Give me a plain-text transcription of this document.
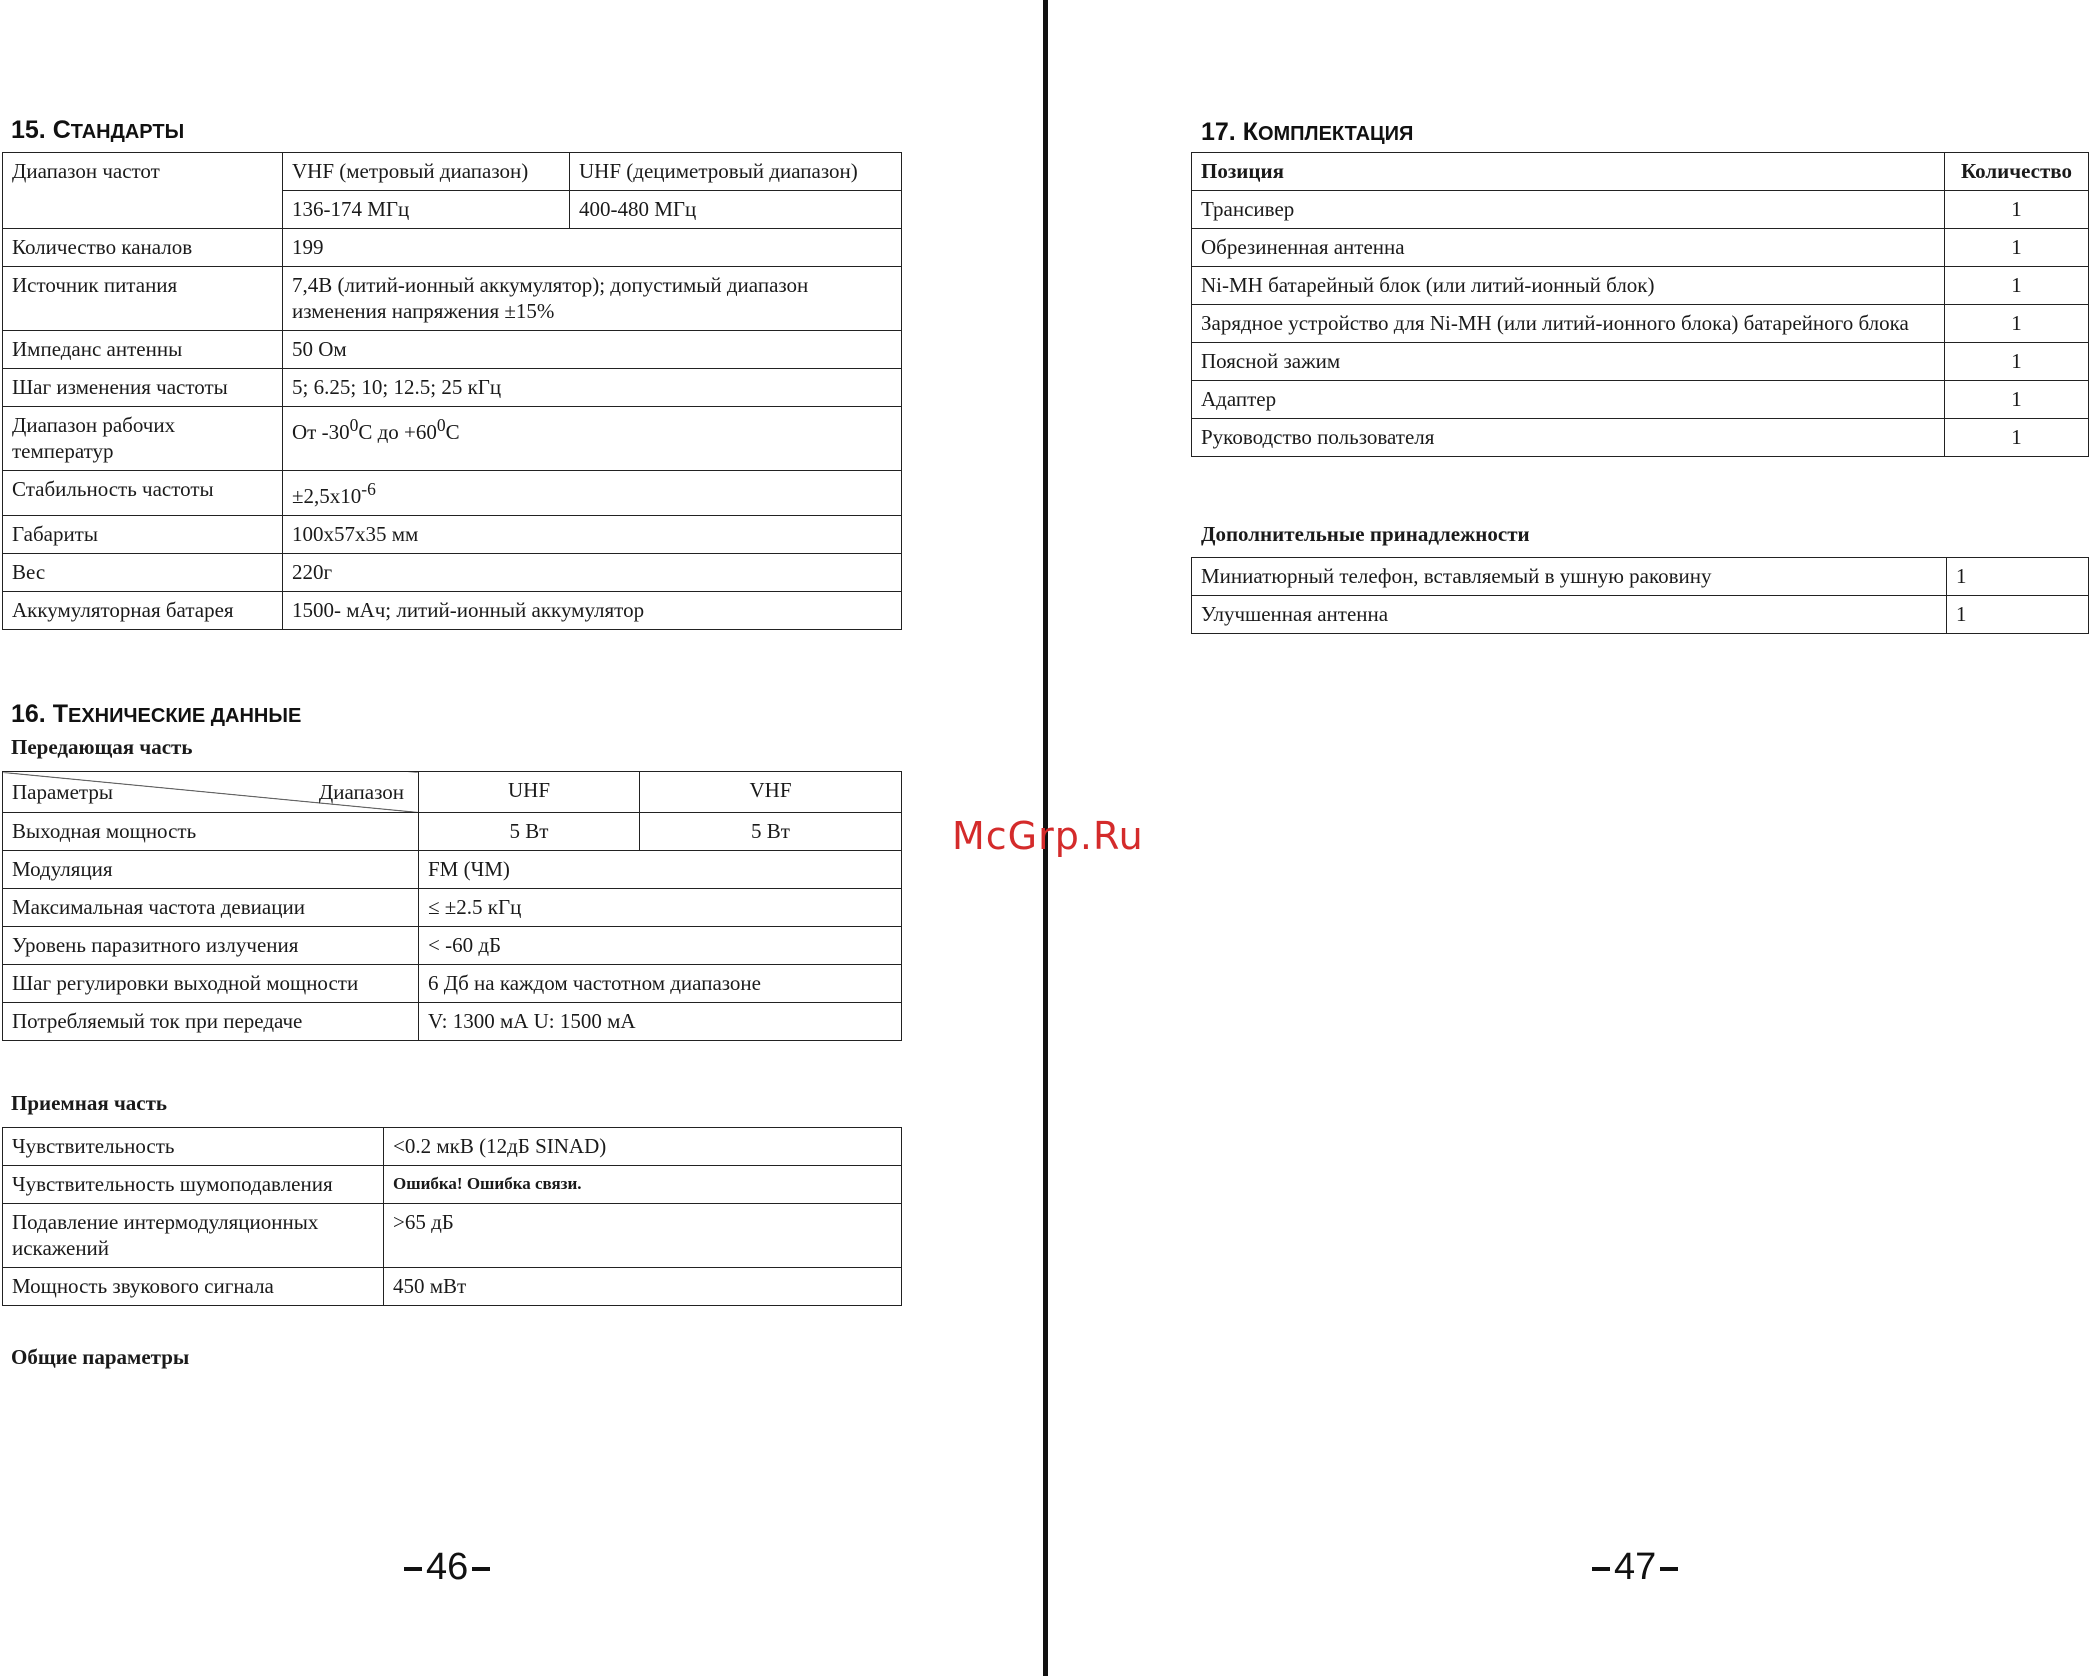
15. СТАНДАРТЫ
Диапазон частот	VHF (метровый диапазон)	UHF (дециметровый диапазон)
	136-174 МГц	400-480 МГц
Количество каналов	199	
Источник питания	7,4В (литий-ионный аккумулятор); допустимый диапазон изменения напряжения ±15%	
Импеданс антенны	50 Ом	
Шаг изменения частоты	5; 6.25; 10; 12.5; 25 кГц	
Диапазон рабочих температур	От $-30^0С$ до $+60^0С$	
Стабильность частоты	$\pm 2,5x10^{-6}$
Габариты	100x57x35 мм	
Вес	220г	
Аккумуляторная батарея	1500- мАч; литий-ионный аккумулятор	
16. ТЕХНИЧЕСКИЕ ДАННЫЕ

Передающая часть

Параметры Диапазон	UHF	VHF
Выходная мощность	5 Вт	5 Вт
Модуляция	FM (ЧМ)	
Максимальная частота девиации	≤ ±2.5 кГц	
Уровень паразитного излучения	< -60 дБ	
Шаг регулировки выходной мощности	6 Дб на каждом частотном диапазоне	
Потребляемый ток при передаче	V: 1300 мА U: 1500 мА	

Приемная часть

Чувствительность	<0.2 мкВ (12дБ SINAD)
Чувствительность шумоподавления	Ошибка! Ошибка связи.
Подавление интермодуляционных искажений	>65 дБ
Мощность звукового сигнала	450 мВт

Общие параметры

46
17. КОМПЛЕКТАЦИЯ
Позиция	Количество
Трансивер	1
Обрезиненная антенна	1
Ni-MH батарейный блок (или литий-ионный блок)	1
Зарядное устройство для Ni-MH (или литий-ионного блока) батарейного блока	1
Поясной зажим	1
Адаптер	1
Руководство пользователя	1

Дополнительные принадлежности

Миниатюрный телефон, вставляемый в ушную раковину	1
Улучшенная антенна	1
47
McGrp.Ru
